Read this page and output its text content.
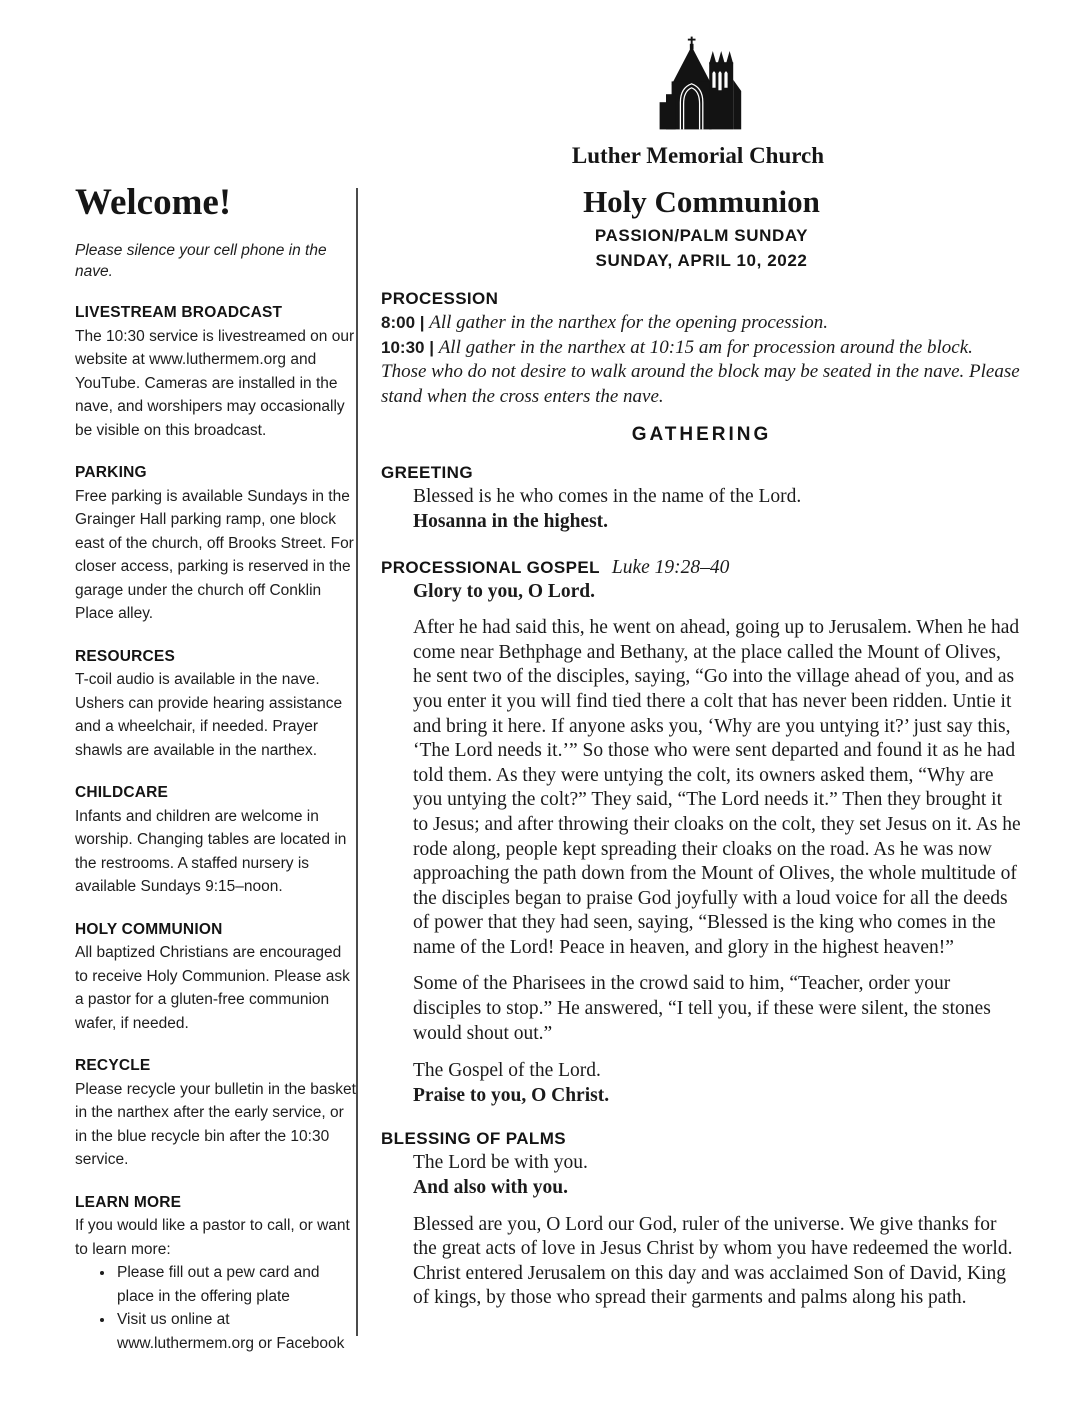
Luther Memorial Church
Welcome!
Please silence your cell phone in the nave.
LIVESTREAM BROADCAST

The 10:30 service is livestreamed on our website at www.luthermem.org and YouTube. Cameras are installed in the nave, and worshipers may occasionally be visible on this broadcast.

PARKING

Free parking is available Sundays in the Grainger Hall parking ramp, one block east of the church, off Brooks Street. For closer access, parking is reserved in the garage under the church off Conklin Place alley.

RESOURCES

T-coil audio is available in the nave. Ushers can provide hearing assistance and a wheelchair, if needed. Prayer shawls are available in the narthex.

CHILDCARE

Infants and children are welcome in worship. Changing tables are located in the restrooms. A staffed nursery is available Sundays 9:15–noon.

HOLY COMMUNION

All baptized Christians are encouraged to receive Holy Communion. Please ask a pastor for a gluten-free communion wafer, if needed.

RECYCLE

Please recycle your bulletin in the basket in the narthex after the early service, or in the blue recycle bin after the 10:30 service.

LEARN MORE

If you would like a pastor to call, or want to learn more:

• Please fill out a pew card and place in the offering plate
• Visit us online at www.luthermem.org or Facebook
Holy Communion
PASSION/PALM SUNDAY
SUNDAY, APRIL 10, 2022
PROCESSION

8:00 | All gather in the narthex for the opening procession.

10:30 | All gather in the narthex at 10:15 am for procession around the block. Those who do not desire to walk around the block may be seated in the nave. Please stand when the cross enters the nave.

GATHERING
GREETING

Blessed is he who comes in the name of the Lord.

Hosanna in the highest.

PROCESSIONAL GOSPEL Luke 19:28–40

Glory to you, O Lord.

After he had said this, he went on ahead, going up to Jerusalem. When he had come near Bethphage and Bethany, at the place called the Mount of Olives, he sent two of the disciples, saying, “Go into the village ahead of you, and as you enter it you will find tied there a colt that has never been ridden. Untie it and bring it here. If anyone asks you, ‘Why are you untying it?’ just say this, ‘The Lord needs it.’” So those who were sent departed and found it as he had told them. As they were untying the colt, its owners asked them, “Why are you untying the colt?” They said, “The Lord needs it.” Then they brought it to Jesus; and after throwing their cloaks on the colt, they set Jesus on it. As he rode along, people kept spreading their cloaks on the road. As he was now approaching the path down from the Mount of Olives, the whole multitude of the disciples began to praise God joyfully with a loud voice for all the deeds of power that they had seen, saying, “Blessed is the king who comes in the name of the Lord! Peace in heaven, and glory in the highest heaven!”

Some of the Pharisees in the crowd said to him, “Teacher, order your disciples to stop.” He answered, “I tell you, if these were silent, the stones would shout out.”

The Gospel of the Lord.

Praise to you, O Christ.

BLESSING OF PALMS

The Lord be with you.

And also with you.

Blessed are you, O Lord our God, ruler of the universe. We give thanks for the great acts of love in Jesus Christ by whom you have redeemed the world. Christ entered Jerusalem on this day and was acclaimed Son of David, King of kings, by those who spread their garments and palms along his path.
